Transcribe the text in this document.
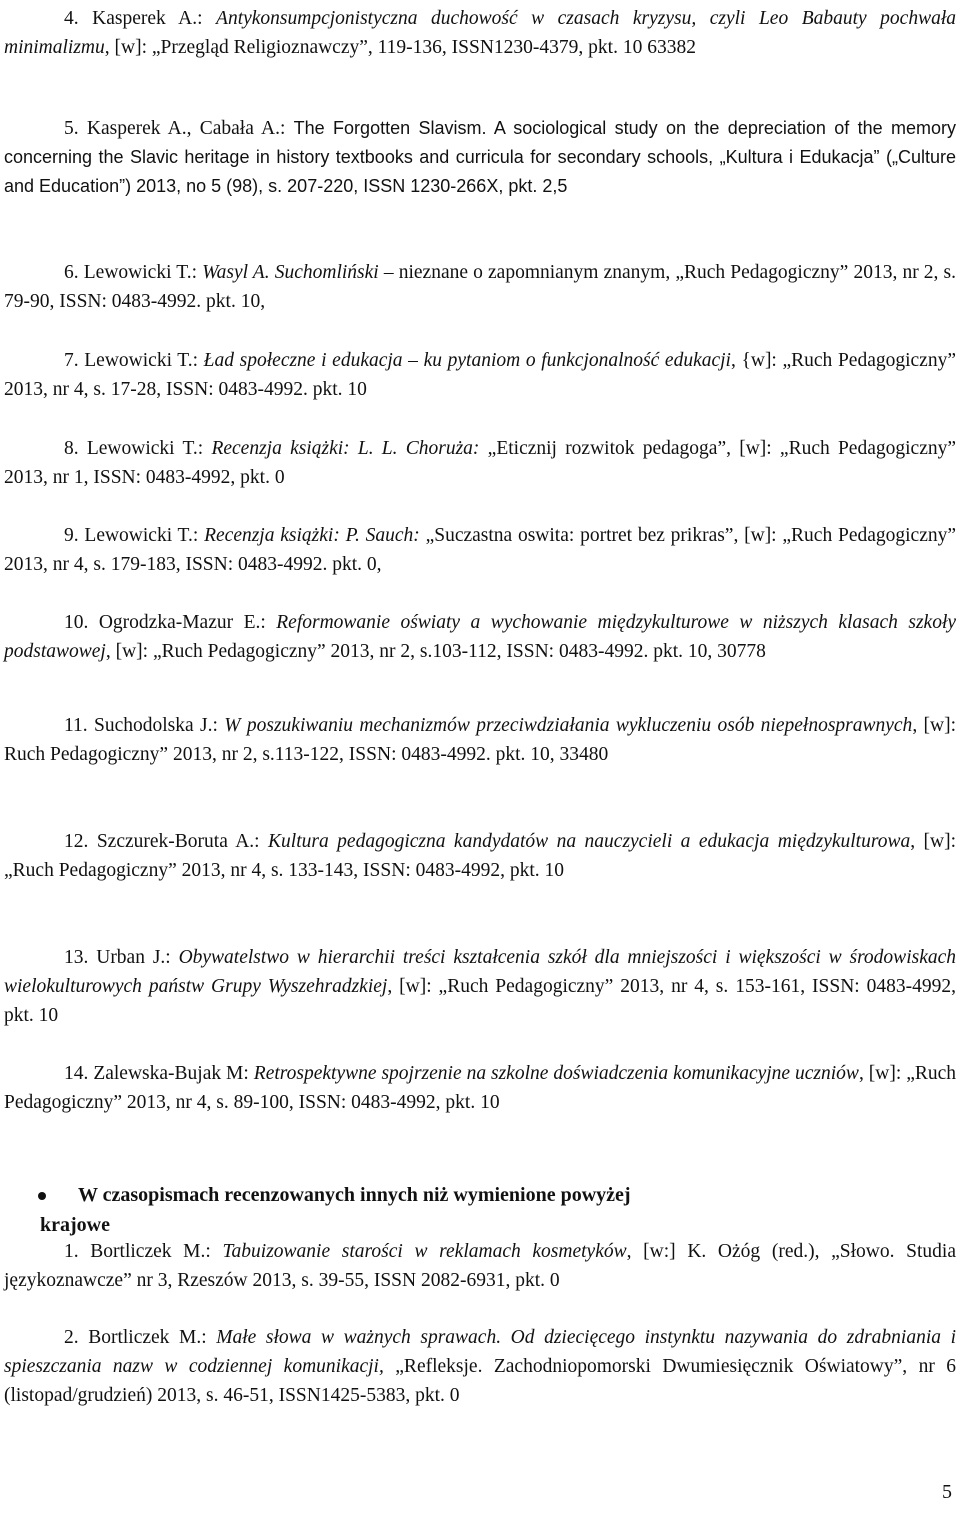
4. Kasperek A.: Antykonsumpcjonistyczna duchowość w czasach kryzysu, czyli Leo Babauty pochwała minimalizmu, [w]: „Przegląd Religioznawczy”, 119-136, ISSN1230-4379, pkt. 10 63382

5. Kasperek A., Cabała A.: The Forgotten Slavism. A sociological study on the depreciation of the memory concerning the Slavic heritage in history textbooks and curricula for secondary schools, „Kultura i Edukacja” („Culture and Education”) 2013, no 5 (98), s. 207-220, ISSN 1230-266X, pkt. 2,5

6. Lewowicki T.: Wasyl A. Suchomliński – nieznane o zapomnianym znanym, „Ruch Pedagogiczny” 2013, nr 2, s. 79-90, ISSN: 0483-4992. pkt. 10,

7. Lewowicki T.: Ład społeczne i edukacja – ku pytaniom o funkcjonalność edukacji, {w]: „Ruch Pedagogiczny” 2013, nr 4, s. 17-28, ISSN: 0483-4992. pkt. 10

8. Lewowicki T.: Recenzja książki: L. L. Choruża: „Eticznij rozwitok pedagoga”, [w]: „Ruch Pedagogiczny” 2013, nr 1, ISSN: 0483-4992, pkt. 0

9. Lewowicki T.: Recenzja książki: P. Sauch: „Suczastna oswita: portret bez prikras”, [w]: „Ruch Pedagogiczny” 2013, nr 4, s. 179-183, ISSN: 0483-4992. pkt. 0,

10. Ogrodzka-Mazur E.: Reformowanie oświaty a wychowanie międzykulturowe w niższych klasach szkoły podstawowej, [w]: „Ruch Pedagogiczny” 2013, nr 2, s.103-112, ISSN: 0483-4992. pkt. 10, 30778

11. Suchodolska J.: W poszukiwaniu mechanizmów przeciwdziałania wykluczeniu osób niepełnosprawnych, [w]: Ruch Pedagogiczny” 2013, nr 2, s.113-122, ISSN: 0483-4992. pkt. 10, 33480

12. Szczurek-Boruta A.: Kultura pedagogiczna kandydatów na nauczycieli a edukacja międzykulturowa, [w]: „Ruch Pedagogiczny” 2013, nr 4, s. 133-143, ISSN: 0483-4992, pkt. 10

13. Urban J.: Obywatelstwo w hierarchii treści kształcenia szkół dla mniejszości i większości w środowiskach wielokulturowych państw Grupy Wyszehradzkiej, [w]: „Ruch Pedagogiczny” 2013, nr 4, s. 153-161, ISSN: 0483-4992, pkt. 10

14. Zalewska-Bujak M: Retrospektywne spojrzenie na szkolne doświadczenia komunikacyjne uczniów, [w]: „Ruch Pedagogiczny” 2013, nr 4, s. 89-100, ISSN: 0483-4992, pkt. 10

W czasopismach recenzowanych innych niż wymienione powyżej
krajowe

1. Bortliczek M.: Tabuizowanie starości w reklamach kosmetyków, [w:] K. Ożóg (red.), „Słowo. Studia językoznawcze” nr 3, Rzeszów 2013, s. 39-55, ISSN 2082-6931, pkt. 0

2. Bortliczek M.: Małe słowa w ważnych sprawach. Od dziecięcego instynktu nazywania do zdrabniania i spieszczania nazw w codziennej komunikacji, „Refleksje. Zachodniopomorski Dwumiesięcznik Oświatowy”, nr 6 (listopad/grudzień) 2013, s. 46-51, ISSN1425-5383, pkt. 0

5
